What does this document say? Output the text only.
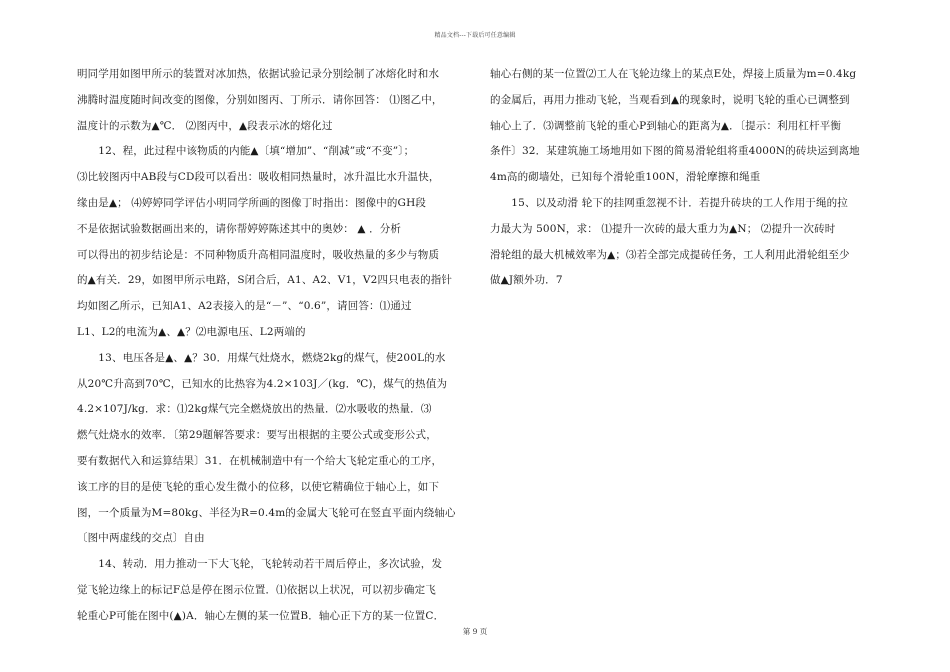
精品文档---下载后可任意编辑
明同学用如图甲所示的装置对冰加热，依据试验记录分别绘制了冰熔化时和水
沸腾时温度随时间改变的图像，分别如图丙、丁所示．请你回答： ⑴图乙中，
温度计的示数为▲℃． ⑵图丙中，▲段表示冰的熔化过
　　12、程，此过程中该物质的内能▲〔填“增加”、“削减”或“不变”〕；
⑶比较图丙中AB段与CD段可以看出：吸收相同热量时，冰升温比水升温快，
缘由是▲； ⑷婷婷同学评估小明同学所画的图像丁时指出：图像中的GH段
不是依据试验数据画出来的，请你帮婷婷陈述其中的奥妙： ▲ ．分析
可以得出的初步结论是：不同种物质升高相同温度时，吸收热量的多少与物质
的▲有关．29，如图甲所示电路，S闭合后，A1、A2、V1，V2四只电表的指针
均如图乙所示，已知A1、A2表接入的是“－”、“0.6”，请回答：⑴通过
L1、L2的电流为▲、▲？⑵电源电压、L2两端的
　　13、电压各是▲、▲？30．用煤气灶烧水，燃烧2kg的煤气，使200L的水
从20℃升高到70℃，已知水的比热容为4.2×103J／(kg．℃)，煤气的热值为
4.2×107J/kg．求：⑴2kg煤气完全燃烧放出的热量．⑵水吸收的热量．⑶
燃气灶烧水的效率．〔第29题解答要求：要写出根据的主要公式或变形公式，
要有数据代入和运算结果〕31．在机械制造中有一个给大飞轮定重心的工序，
该工序的目的是使飞轮的重心发生微小的位移，以使它精确位于轴心上，如下
图，一个质量为M=80kg、半径为R=0.4m的金属大飞轮可在竖直平面内绕轴心
〔图中两虚线的交点〕自由
　　14、转动．用力推动一下大飞轮，飞轮转动若干周后停止，多次试验，发
觉飞轮边缘上的标记F总是停在图示位置．⑴依据以上状况，可以初步确定飞
轮重心P可能在图中(▲)A．轴心左侧的某一位置B．轴心正下方的某一位置C．
轴心右侧的某一位置⑵工人在飞轮边缘上的某点E处，焊接上质量为m=0.4kg
的金属后，再用力推动飞轮，当观看到▲的现象时，说明飞轮的重心已调整到
轴心上了．⑶调整前飞轮的重心P到轴心的距离为▲．〔提示：利用杠杆平衡
条件〕32．某建筑施工场地用如下图的简易滑轮组将重4000N的砖块运到离地
4m高的砌墙处，已知每个滑轮重100N，滑轮摩擦和绳重
　　15、以及动滑 轮下的挂网重忽视不计．若提升砖块的工人作用于绳的拉
力最大为 500N，求： ⑴提升一次砖的最大重力为▲N； ⑵提升一次砖时
滑轮组的最大机械效率为▲；⑶若全部完成提砖任务，工人利用此滑轮组至少
做▲J额外功．7
第 9 页
